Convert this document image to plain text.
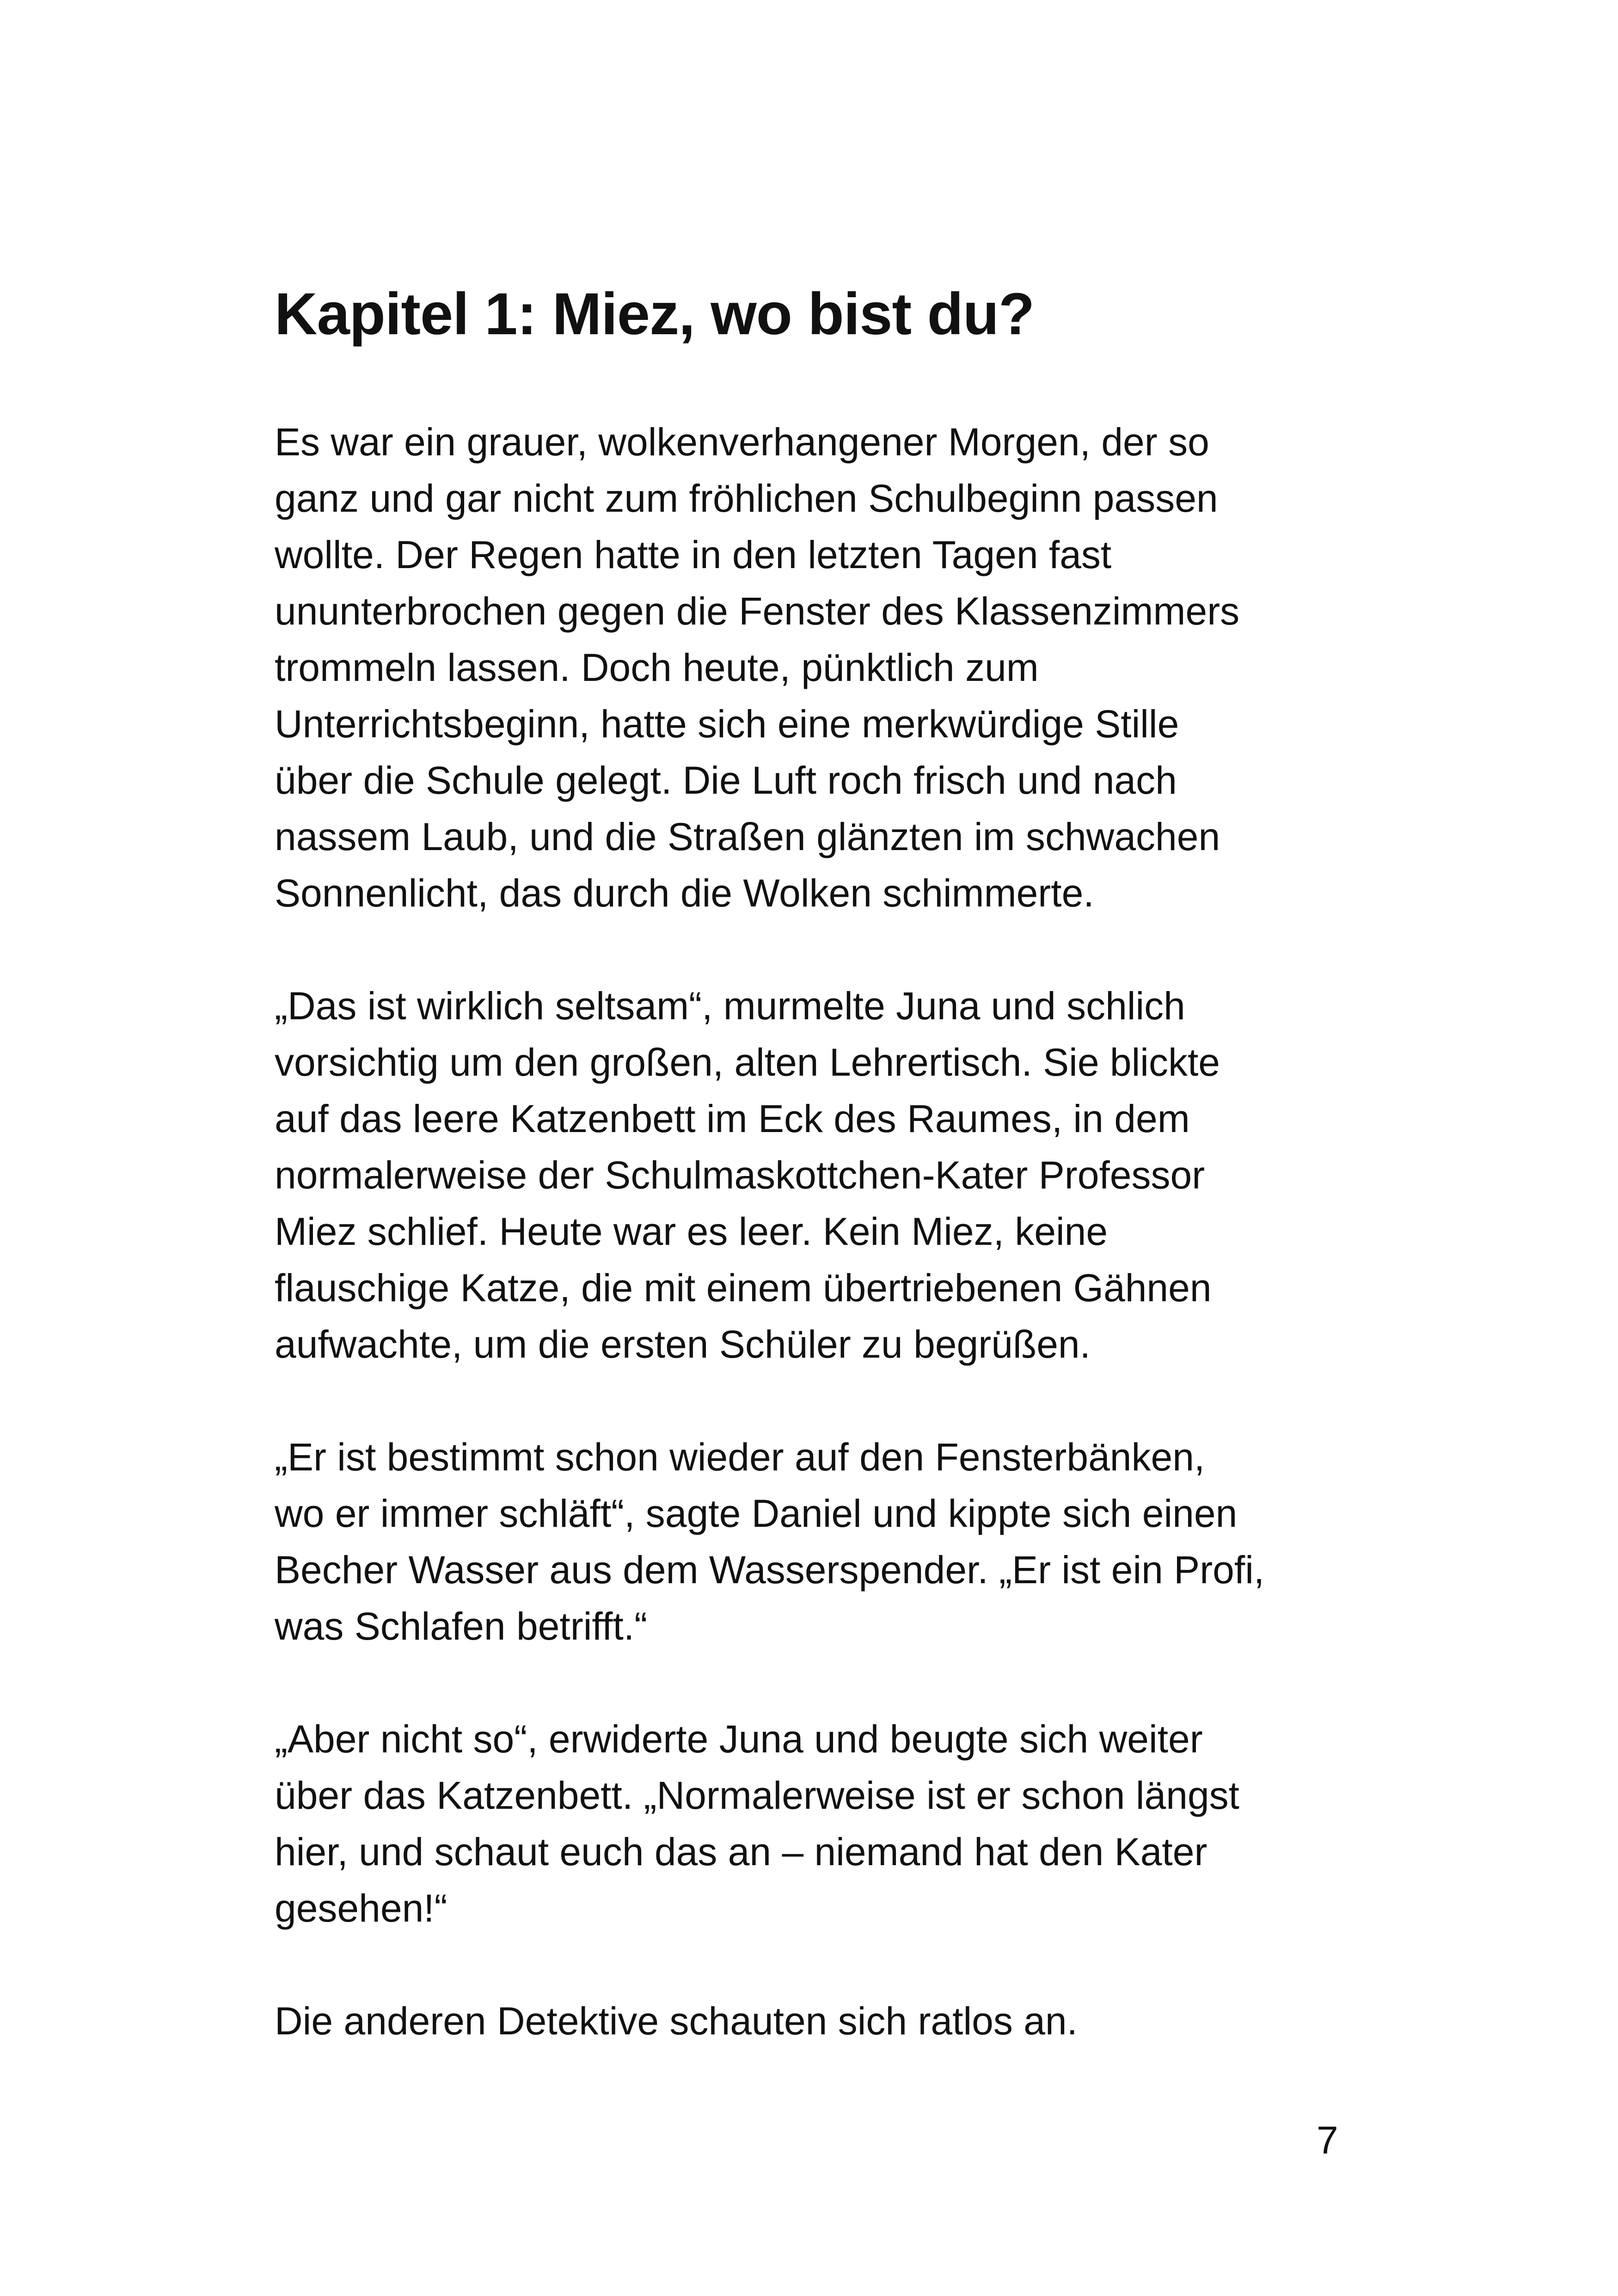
Kapitel 1: Miez, wo bist du?

Es war ein grauer, wolkenverhangener Morgen, der so
ganz und gar nicht zum fröhlichen Schulbeginn passen
wollte. Der Regen hatte in den letzten Tagen fast
ununterbrochen gegen die Fenster des Klassenzimmers
trommeln lassen. Doch heute, pünktlich zum
Unterrichtsbeginn, hatte sich eine merkwürdige Stille
über die Schule gelegt. Die Luft roch frisch und nach
nassem Laub, und die Straßen glänzten im schwachen
Sonnenlicht, das durch die Wolken schimmerte.

„Das ist wirklich seltsam“, murmelte Juna und schlich
vorsichtig um den großen, alten Lehrertisch. Sie blickte
auf das leere Katzenbett im Eck des Raumes, in dem
normalerweise der Schulmaskottchen-Kater Professor
Miez schlief. Heute war es leer. Kein Miez, keine
flauschige Katze, die mit einem übertriebenen Gähnen
aufwachte, um die ersten Schüler zu begrüßen.

„Er ist bestimmt schon wieder auf den Fensterbänken,
wo er immer schläft“, sagte Daniel und kippte sich einen
Becher Wasser aus dem Wasserspender. „Er ist ein Profi,
was Schlafen betrifft.“

„Aber nicht so“, erwiderte Juna und beugte sich weiter
über das Katzenbett. „Normalerweise ist er schon längst
hier, und schaut euch das an – niemand hat den Kater
gesehen!“

Die anderen Detektive schauten sich ratlos an.

7
